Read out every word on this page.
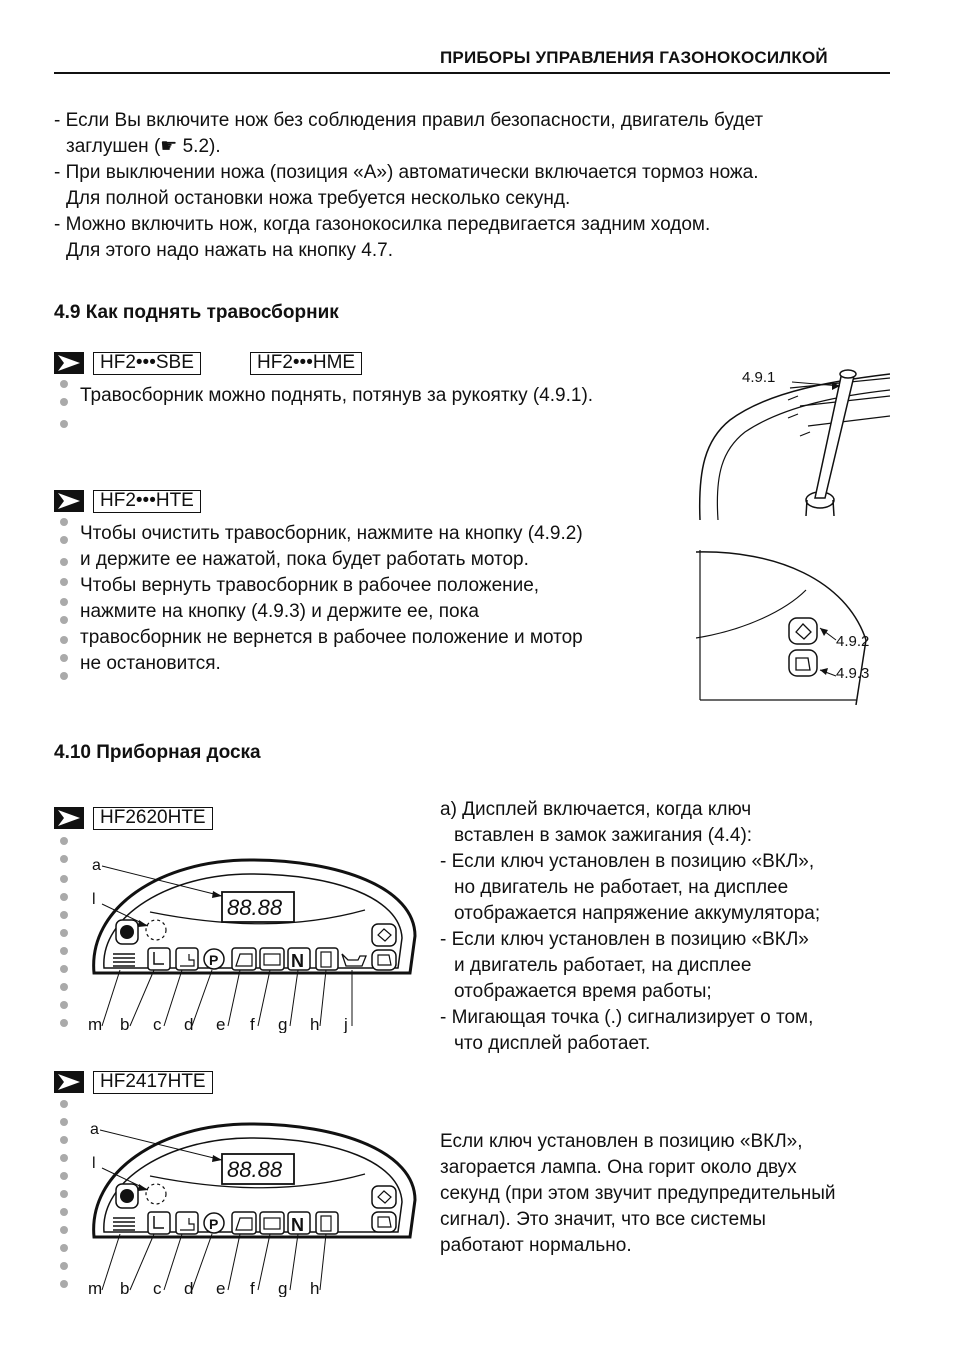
ПРИБОРЫ УПРАВЛЕНИЯ ГАЗОНОКОСИЛКОЙ
- Если Вы включите нож без соблюдения правил безопасности, двигатель будет
заглушен (☛ 5.2).
- При выключении ножа (позиция «A») автоматически включается тормоз ножа.
Для полной остановки ножа требуется несколько секунд.
- Можно включить нож, когда газонокосилка передвигается задним ходом.
Для этого надо нажать на кнопку 4.7.
4.9 Как поднять травосборник
HF2•••SBE	HF2•••HME
Травосборник можно поднять, потянув за рукоятку (4.9.1).
4.9.1
HF2•••HTE
Чтобы очистить травосборник, нажмите на кнопку (4.9.2)
и держите ее нажатой, пока будет работать мотор.
Чтобы вернуть травосборник в рабочее положение,
нажмите на кнопку (4.9.3) и держите ее, пока
травосборник не вернется в рабочее положение и мотор
не остановится.
4.9.2
4.9.3
4.10 Приборная доска
HF2620HTE
88.88
P	N
a
l
m b c d e f g h j
a) Дисплей включается, когда ключ
вставлен в замок зажигания (4.4):
- Если ключ установлен в позицию «ВКЛ»,
но двигатель не работает, на дисплее
отображается напряжение аккумулятора;
- Если ключ установлен в позицию «ВКЛ»
и двигатель работает, на дисплее
отображается время работы;
- Мигающая точка (.) сигнализирует о том,
что дисплей работает.
HF2417HTE
88.88
P	N
a
l
m b c d e f g h
Если ключ установлен в позицию «ВКЛ»,
загорается лампа. Она горит около двух
секунд (при этом звучит предупредительный
сигнал). Это значит, что все системы
работают нормально.
